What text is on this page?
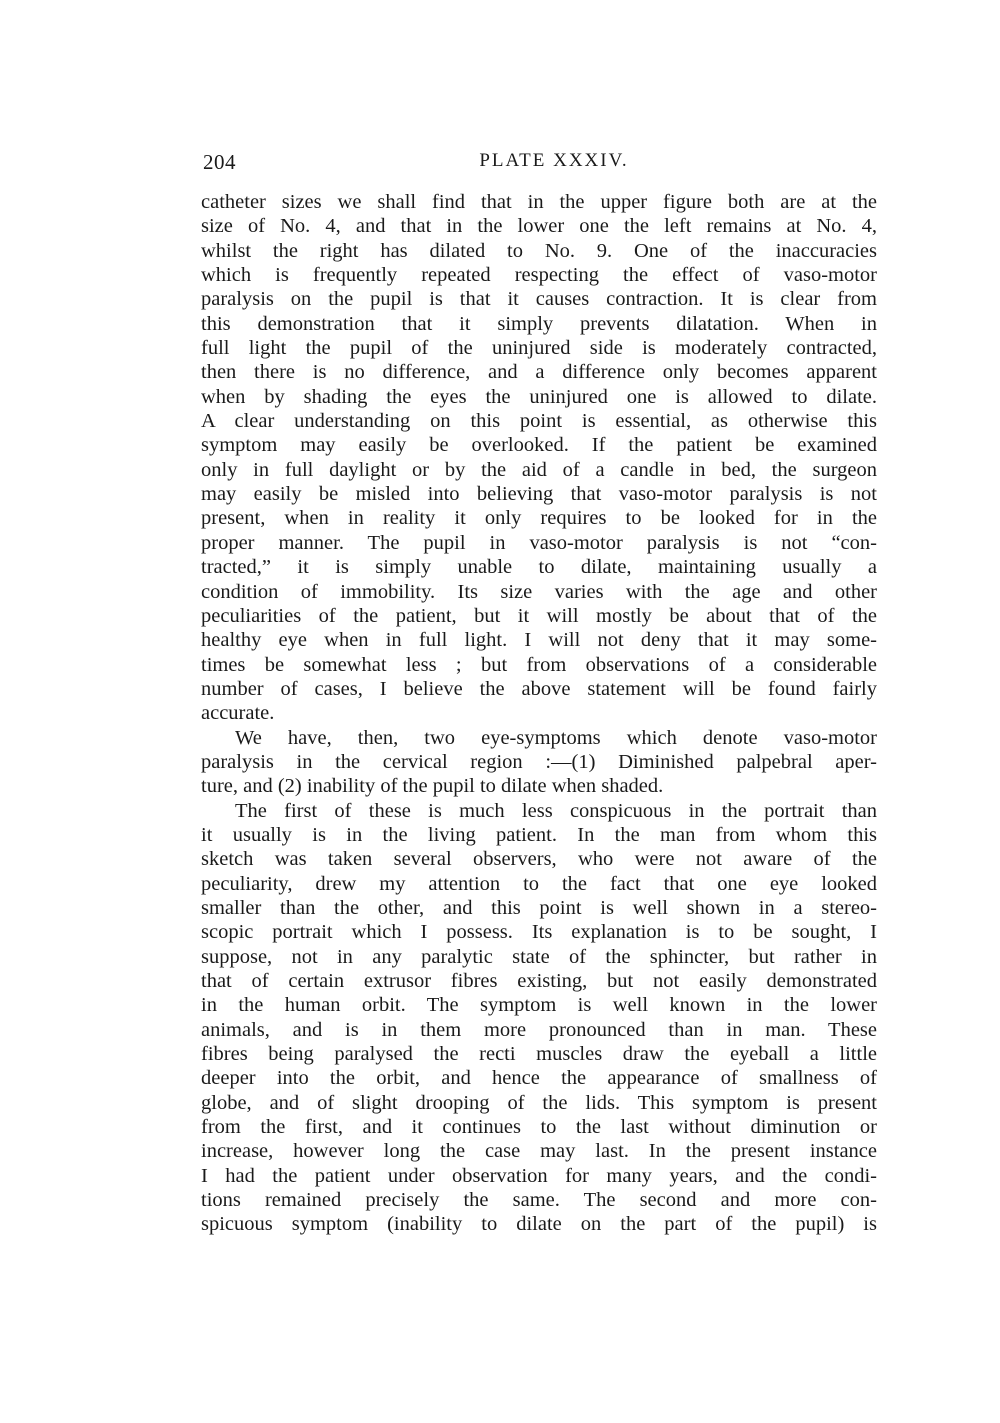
204	PLATE XXXIV.
catheter sizes we shall find that in the upper figure both are at the
size of No. 4, and that in the lower one the left remains at No. 4,
whilst the right has dilated to No. 9. One of the inaccuracies
which is frequently repeated respecting the effect of vaso-motor
paralysis on the pupil is that it causes contraction. It is clear from
this demonstration that it simply prevents dilatation. When in
full light the pupil of the uninjured side is moderately contracted,
then there is no difference, and a difference only becomes apparent
when by shading the eyes the uninjured one is allowed to dilate.
A clear understanding on this point is essential, as otherwise this
symptom may easily be overlooked. If the patient be examined
only in full daylight or by the aid of a candle in bed, the surgeon
may easily be misled into believing that vaso-motor paralysis is not
present, when in reality it only requires to be looked for in the
proper manner. The pupil in vaso-motor paralysis is not “con-
tracted,” it is simply unable to dilate, maintaining usually a
condition of immobility. Its size varies with the age and other
peculiarities of the patient, but it will mostly be about that of the
healthy eye when in full light. I will not deny that it may some-
times be somewhat less ; but from observations of a considerable
number of cases, I believe the above statement will be found fairly
accurate.
We have, then, two eye-symptoms which denote vaso-motor
paralysis in the cervical region :—(1) Diminished palpebral aper-
ture, and (2) inability of the pupil to dilate when shaded.
The first of these is much less conspicuous in the portrait than
it usually is in the living patient. In the man from whom this
sketch was taken several observers, who were not aware of the
peculiarity, drew my attention to the fact that one eye looked
smaller than the other, and this point is well shown in a stereo-
scopic portrait which I possess. Its explanation is to be sought, I
suppose, not in any paralytic state of the sphincter, but rather in
that of certain extrusor fibres existing, but not easily demonstrated
in the human orbit. The symptom is well known in the lower
animals, and is in them more pronounced than in man. These
fibres being paralysed the recti muscles draw the eyeball a little
deeper into the orbit, and hence the appearance of smallness of
globe, and of slight drooping of the lids. This symptom is present
from the first, and it continues to the last without diminution or
increase, however long the case may last. In the present instance
I had the patient under observation for many years, and the condi-
tions remained precisely the same. The second and more con-
spicuous symptom (inability to dilate on the part of the pupil) is
